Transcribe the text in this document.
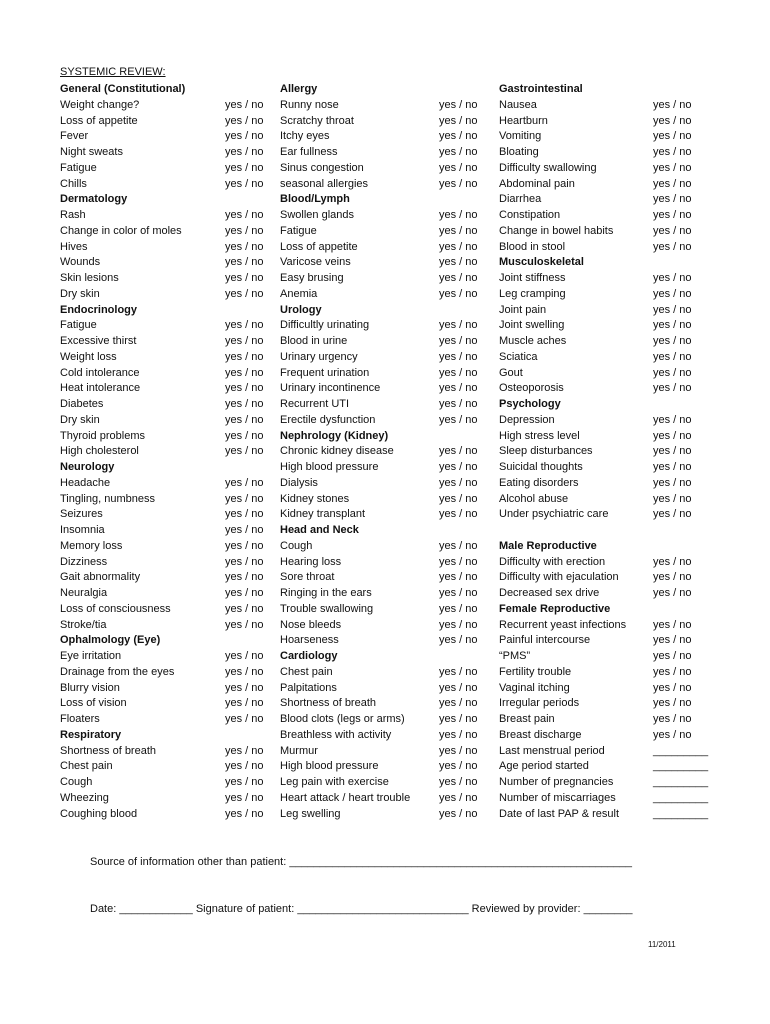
SYSTEMIC REVIEW:
General (Constitutional)
Weight change?	yes / no
Loss of appetite	yes / no
Fever	yes / no
Night sweats	yes / no
Fatigue	yes / no
Chills	yes / no
Dermatology
Rash	yes / no
Change in color of moles	yes / no
Hives	yes / no
Wounds	yes / no
Skin lesions	yes / no
Dry skin	yes / no
Endocrinology
Fatigue	yes / no
Excessive thirst	yes / no
Weight loss	yes / no
Cold intolerance	yes / no
Heat intolerance	yes / no
Diabetes	yes / no
Dry skin	yes / no
Thyroid problems	yes / no
High cholesterol	yes / no
Neurology
Headache	yes / no
Tingling, numbness	yes / no
Seizures	yes / no
Insomnia	yes / no
Memory loss	yes / no
Dizziness	yes / no
Gait abnormality	yes / no
Neuralgia	yes / no
Loss of consciousness	yes / no
Stroke/tia	yes / no
Ophalmology (Eye)
Eye irritation	yes / no
Drainage from the eyes	yes / no
Blurry vision	yes / no
Loss of vision	yes / no
Floaters	yes / no
Respiratory
Shortness of breath	yes / no
Chest pain	yes / no
Cough	yes / no
Wheezing	yes / no
Coughing blood	yes / no
Allergy
Runny nose	yes / no
Scratchy throat	yes / no
Itchy eyes	yes / no
Ear fullness	yes / no
Sinus congestion	yes / no
seasonal allergies	yes / no
Blood/Lymph
Swollen glands	yes / no
Fatigue	yes / no
Loss of appetite	yes / no
Varicose veins	yes / no
Easy brusing	yes / no
Anemia	yes / no
Urology
Difficultly urinating	yes / no
Blood in urine	yes / no
Urinary urgency	yes / no
Frequent urination	yes / no
Urinary incontinence	yes / no
Recurrent UTI	yes / no
Erectile dysfunction	yes / no
Nephrology (Kidney)
Chronic kidney disease	yes / no
High blood pressure	yes / no
Dialysis	yes / no
Kidney stones	yes / no
Kidney transplant	yes / no
Head and Neck
Cough	yes / no
Hearing loss	yes / no
Sore throat	yes / no
Ringing in the ears	yes / no
Trouble swallowing	yes / no
Nose bleeds	yes / no
Hoarseness	yes / no
Cardiology
Chest pain	yes / no
Palpitations	yes / no
Shortness of breath	yes / no
Blood clots (legs or arms)	yes / no
Breathless with activity	yes / no
Murmur	yes / no
High blood pressure	yes / no
Leg pain with exercise	yes / no
Heart attack / heart trouble	yes / no
Leg swelling	yes / no
Gastrointestinal
Nausea	yes / no
Heartburn	yes / no
Vomiting	yes / no
Bloating	yes / no
Difficulty swallowing	yes / no
Abdominal pain	yes / no
Diarrhea	yes / no
Constipation	yes / no
Change in bowel habits	yes / no
Blood in stool	yes / no
Musculoskeletal
Joint stiffness	yes / no
Leg cramping	yes / no
Joint pain	yes / no
Joint swelling	yes / no
Muscle aches	yes / no
Sciatica	yes / no
Gout	yes / no
Osteoporosis	yes / no
Psychology
Depression	yes / no
High stress level	yes / no
Sleep disturbances	yes / no
Suicidal thoughts	yes / no
Eating disorders	yes / no
Alcohol abuse	yes / no
Under psychiatric care	yes / no
Male Reproductive
Difficulty with erection	yes / no
Difficulty with ejaculation	yes / no
Decreased sex drive	yes / no
Female Reproductive
Recurrent yeast infections yes / no
Painful intercourse	yes / no
“PMS”	yes / no
Fertility trouble	yes / no
Vaginal itching	yes / no
Irregular periods	yes / no
Breast pain	yes / no
Breast discharge	yes / no
Last menstrual period	_________
Age period started	_________
Number of pregnancies	_________
Number of miscarriages	_________
Date of last PAP & result	_________
Source of information other than patient: ________________________________________________________
Date: ____________ Signature of patient: ____________________________ Reviewed by provider: ________
11/2011
